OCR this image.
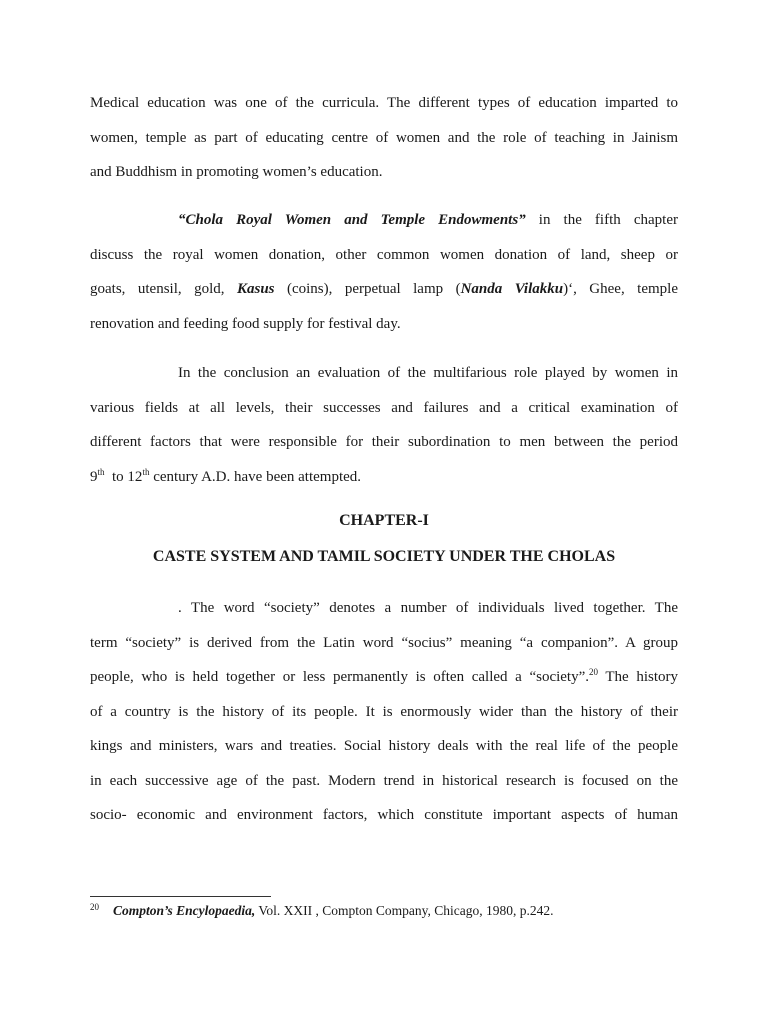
Medical education was one of the curricula. The different types of education imparted to
women, temple as part of educating centre of women and the role of teaching in Jainism
and Buddhism in promoting women’s education.
“Chola Royal Women and Temple Endowments” in the fifth chapter
discuss the royal women donation, other common women donation of land, sheep or
goats, utensil, gold, Kasus (coins), perpetual lamp (Nanda Vilakku)‘, Ghee, temple
renovation and feeding food supply for festival day.
In the conclusion an evaluation of the multifarious role played by women in
various fields at all levels, their successes and failures and a critical examination of
different factors that were responsible for their subordination to men between the period
9th  to 12th century A.D. have been attempted.
CHAPTER-I
CASTE SYSTEM AND TAMIL SOCIETY UNDER THE CHOLAS
. The word “society” denotes a number of individuals lived together. The
term “society” is derived from the Latin word “socius” meaning “a companion”. A group
people, who is held together or less permanently is often called a “society”.$^{20}$ The history
of a country is the history of its people. It is enormously wider than the history of their
kings and ministers, wars and treaties. Social history deals with the real life of the people
in each successive age of the past. Modern trend in historical research is focused on the
socio- economic and environment factors, which constitute important aspects of human

$^{20}$ Compton’s Encylopaedia, Vol. XXII , Compton Company, Chicago, 1980, p.242.
